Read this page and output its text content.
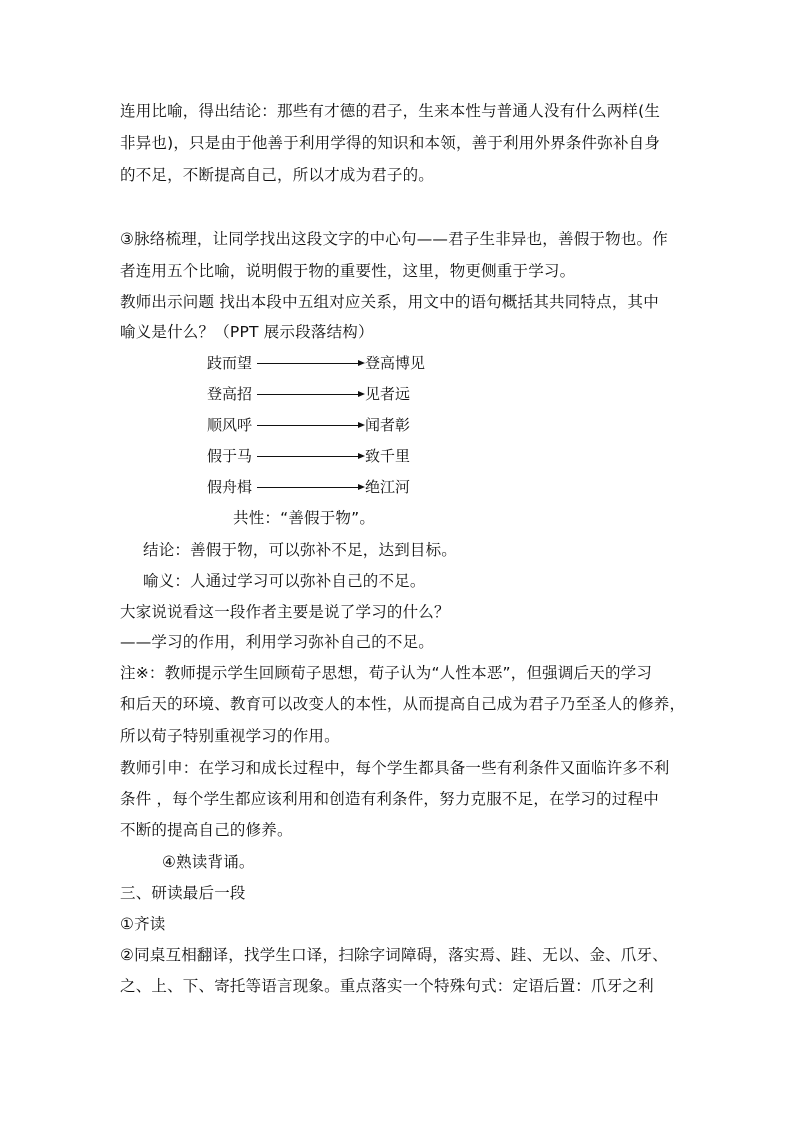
连用比喻，得出结论：那些有才德的君子，生来本性与普通人没有什么两样(生
非异也)，只是由于他善于利用学得的知识和本领，善于利用外界条件弥补自身
的不足，不断提高自己，所以才成为君子的。
③脉络梳理，让同学找出这段文字的中心句——君子生非异也，善假于物也。作
者连用五个比喻，说明假于物的重要性，这里，物更侧重于学习。
教师出示问题 找出本段中五组对应关系，用文中的语句概括其共同特点，其中
喻义是什么？（PPT 展示段落结构）
跂而望	登高博见
登高招	见者远
顺风呼	闻者彰
假于马	致千里
假舟楫	绝江河
共性：“善假于物”。
结论：善假于物，可以弥补不足，达到目标。
喻义：人通过学习可以弥补自己的不足。
大家说说看这一段作者主要是说了学习的什么？
——学习的作用，利用学习弥补自己的不足。
注※：教师提示学生回顾荀子思想，荀子认为“人性本恶”，但强调后天的学习
和后天的环境、教育可以改变人的本性，从而提高自己成为君子乃至圣人的修养，
所以荀子特别重视学习的作用。
教师引申：在学习和成长过程中，每个学生都具备一些有利条件又面临许多不利
条件 ，每个学生都应该利用和创造有利条件，努力克服不足，在学习的过程中
不断的提高自己的修养。
④熟读背诵。
三、研读最后一段
①齐读
②同桌互相翻译，找学生口译，扫除字词障碍，落实焉、跬、无以、金、爪牙、
之、上、下、寄托等语言现象。重点落实一个特殊句式：定语后置：爪牙之利
